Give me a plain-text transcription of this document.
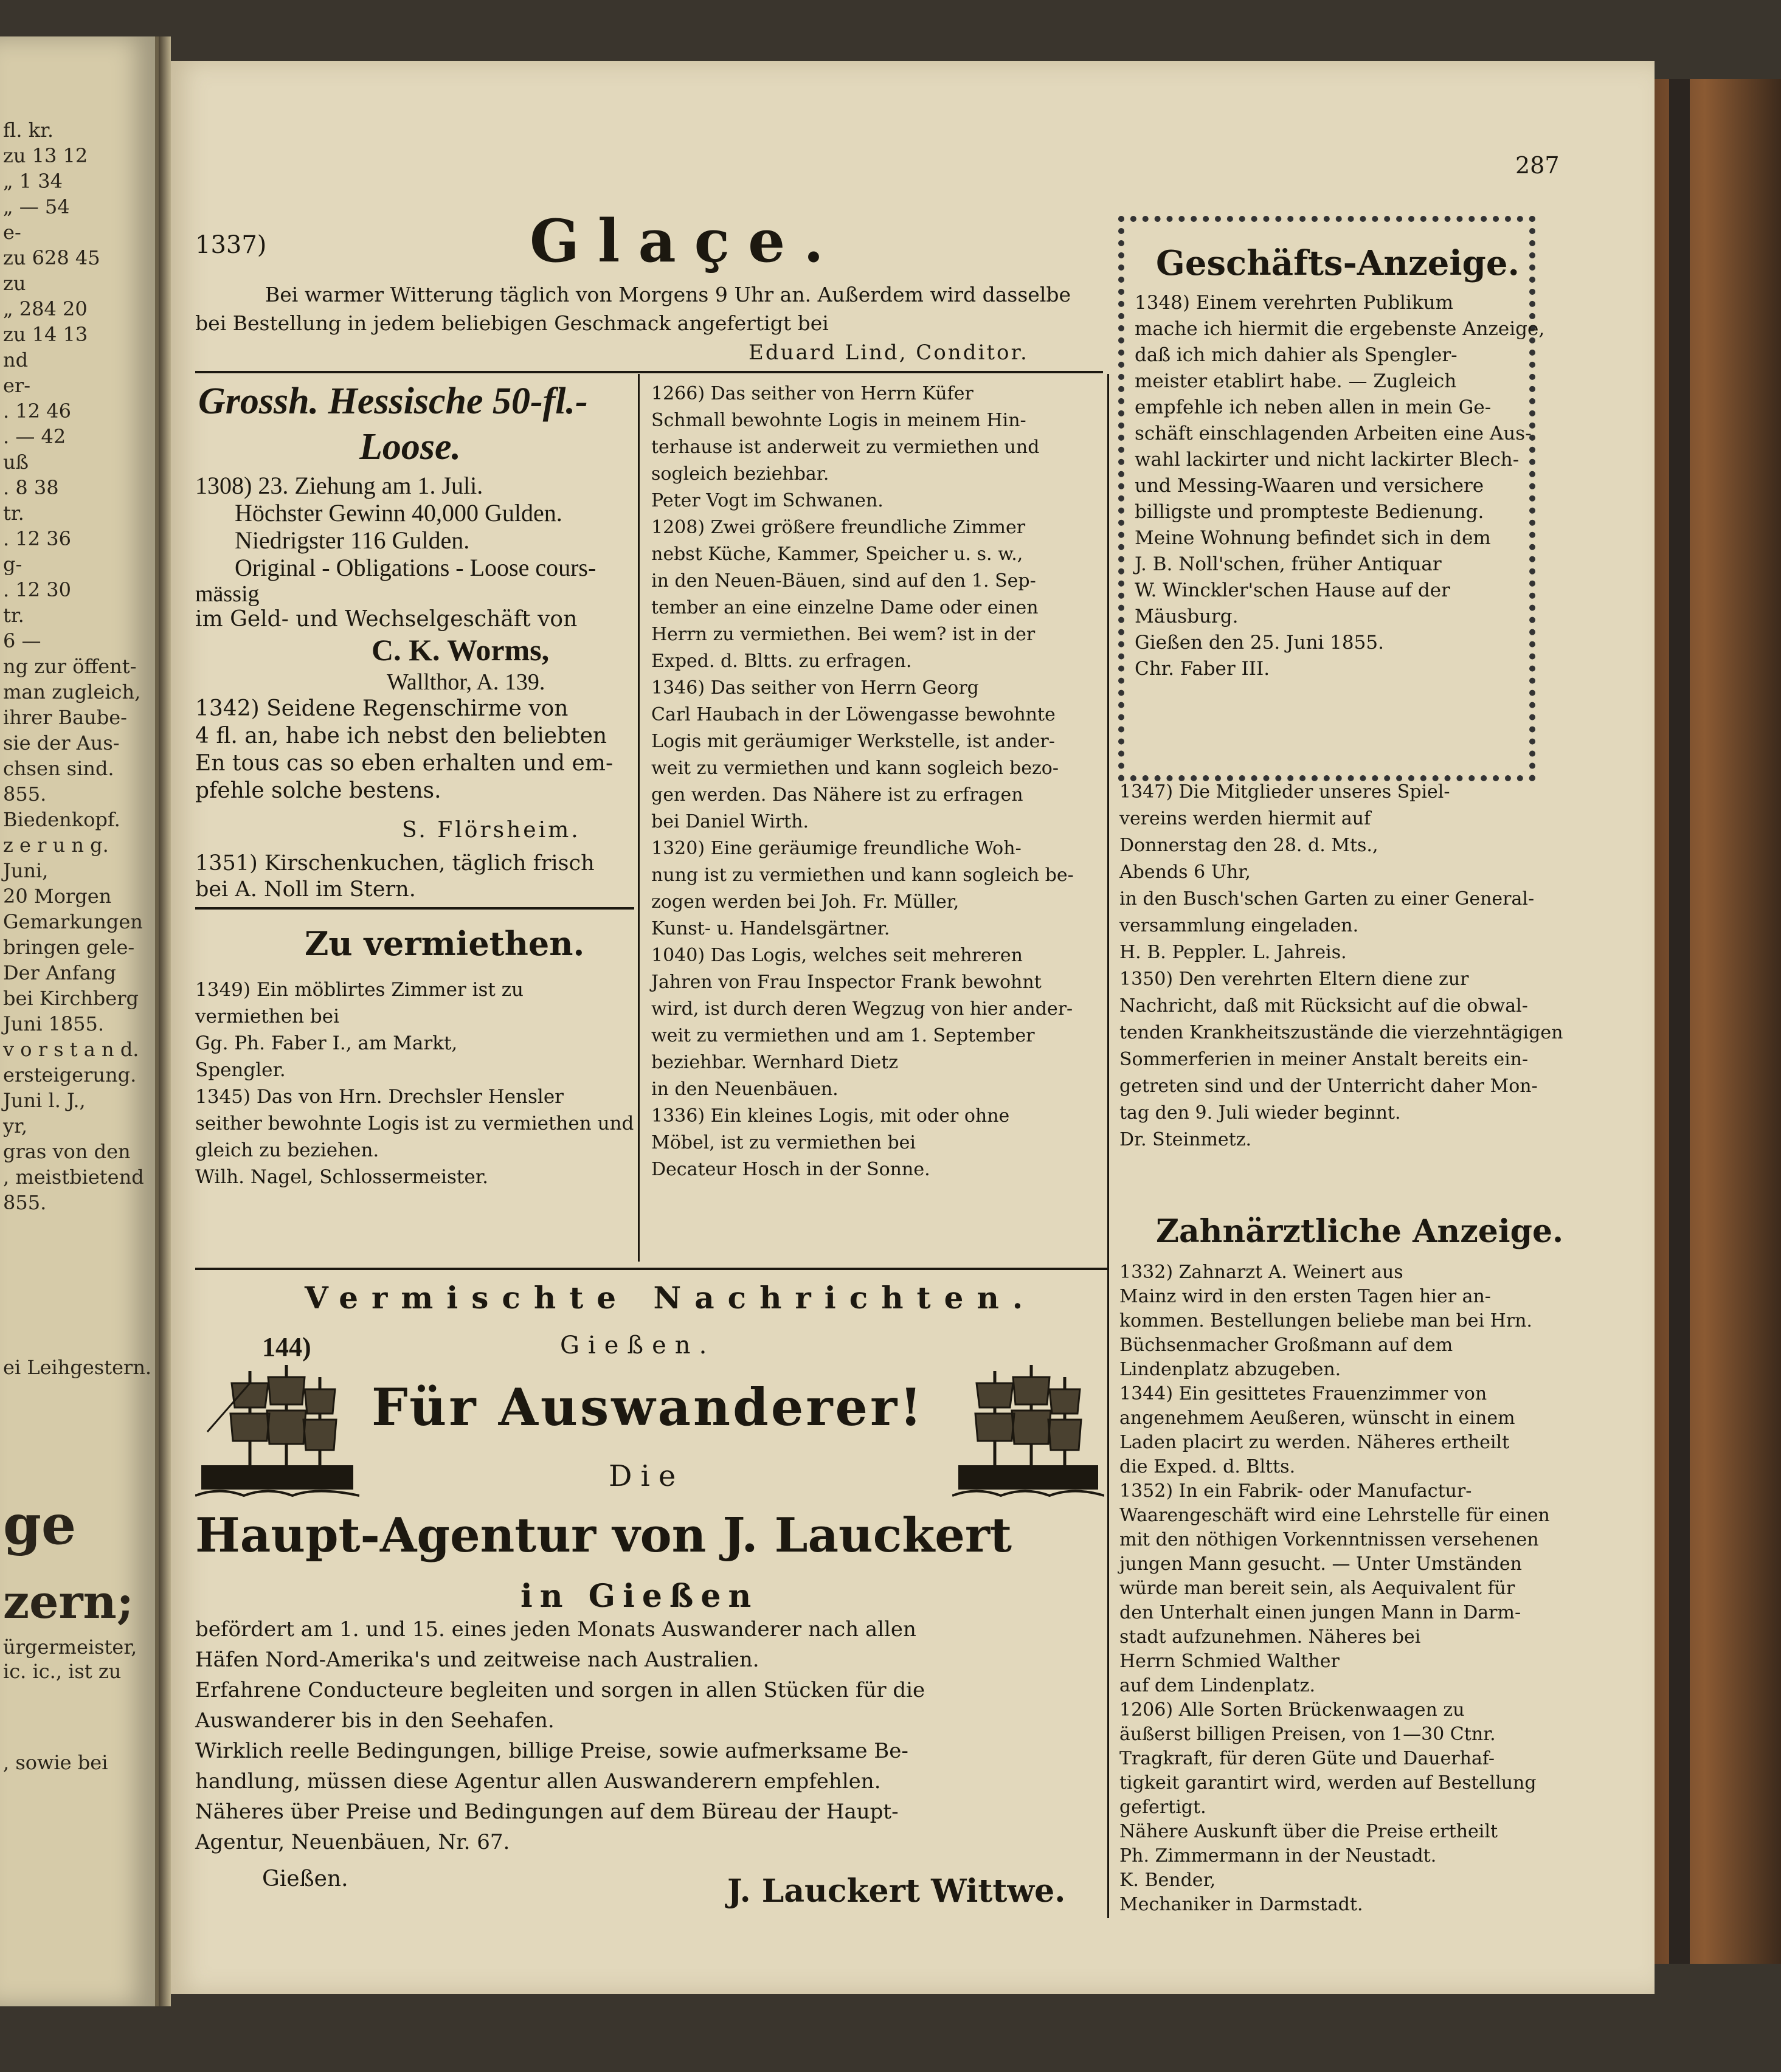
fl. kr.
zu 13 12
„ 1 34
„ — 54
e-
zu 628 45
zu
„ 284 20
zu 14 13
nd
er-
. 12 46
. — 42
uß
. 8 38
tr.
. 12 36
g-
. 12 30
tr.
6 —
ng zur öffent-
man zugleich,
ihrer Baube-
sie der Aus-
chsen sind.
855.
Biedenkopf.
z e r u n g.
Juni,
20 Morgen
Gemarkungen
bringen gele-
Der Anfang
bei Kirchberg
Juni 1855.
v o r s t a n d.
ersteigerung.
Juni l. J.,
yr,
gras von den
, meistbietend
855.
ei Leihgestern.
ge
zern;
ürgermeister,
ic. ic., ist zu
, sowie bei
287
1337)	Glaçe.
Bei warmer Witterung täglich von Morgens 9 Uhr an. Außerdem wird dasselbe
bei Bestellung in jedem beliebigen Geschmack angefertigt bei
Eduard Lind, Conditor.
Geschäfts-Anzeige.
1348) Einem verehrten Publikum
mache ich hiermit die ergebenste Anzeige,
daß ich mich dahier als Spengler-
meister etablirt habe. — Zugleich
empfehle ich neben allen in mein Ge-
schäft einschlagenden Arbeiten eine Aus-
wahl lackirter und nicht lackirter Blech-
und Messing-Waaren und versichere
billigste und prompteste Bedienung.
Meine Wohnung befindet sich in dem
J. B. Noll'schen, früher Antiquar
W. Winckler'schen Hause auf der
Mäusburg.
Gießen den 25. Juni 1855.
Chr. Faber III.
Grossh. Hessische 50-fl.-
Loose.
1308) 23. Ziehung am 1. Juli.
Höchster Gewinn 40,000 Gulden.
Niedrigster 116 Gulden.
Original - Obligations - Loose cours-
mässig
im Geld- und Wechselgeschäft von
C. K. Worms,
Wallthor, A. 139.
1342) Seidene Regenschirme von
4 fl. an, habe ich nebst den beliebten
En tous cas so eben erhalten und em-
pfehle solche bestens.
S. Flörsheim.
1351) Kirschenkuchen, täglich frisch
bei A. Noll im Stern.
Zu vermiethen.
1349) Ein möblirtes Zimmer ist zu
vermiethen bei
Gg. Ph. Faber I., am Markt,
Spengler.
1345) Das von Hrn. Drechsler Hensler
seither bewohnte Logis ist zu vermiethen und
gleich zu beziehen.
Wilh. Nagel, Schlossermeister.
1266) Das seither von Herrn Küfer
Schmall bewohnte Logis in meinem Hin-
terhause ist anderweit zu vermiethen und
sogleich beziehbar.
Peter Vogt im Schwanen.
1208) Zwei größere freundliche Zimmer
nebst Küche, Kammer, Speicher u. s. w.,
in den Neuen-Bäuen, sind auf den 1. Sep-
tember an eine einzelne Dame oder einen
Herrn zu vermiethen. Bei wem? ist in der
Exped. d. Bltts. zu erfragen.
1346) Das seither von Herrn Georg
Carl Haubach in der Löwengasse bewohnte
Logis mit geräumiger Werkstelle, ist ander-
weit zu vermiethen und kann sogleich bezo-
gen werden. Das Nähere ist zu erfragen
bei Daniel Wirth.
1320) Eine geräumige freundliche Woh-
nung ist zu vermiethen und kann sogleich be-
zogen werden bei Joh. Fr. Müller,
Kunst- u. Handelsgärtner.
1040) Das Logis, welches seit mehreren
Jahren von Frau Inspector Frank bewohnt
wird, ist durch deren Wegzug von hier ander-
weit zu vermiethen und am 1. September
beziehbar. Wernhard Dietz
in den Neuenbäuen.
1336) Ein kleines Logis, mit oder ohne
Möbel, ist zu vermiethen bei
Decateur Hosch in der Sonne.
1347) Die Mitglieder unseres Spiel-
vereins werden hiermit auf
Donnerstag den 28. d. Mts.,
Abends 6 Uhr,
in den Busch'schen Garten zu einer General-
versammlung eingeladen.
H. B. Peppler. L. Jahreis.
1350) Den verehrten Eltern diene zur
Nachricht, daß mit Rücksicht auf die obwal-
tenden Krankheitszustände die vierzehntägigen
Sommerferien in meiner Anstalt bereits ein-
getreten sind und der Unterricht daher Mon-
tag den 9. Juli wieder beginnt.
Dr. Steinmetz.
Zahnärztliche Anzeige.
1332) Zahnarzt A. Weinert aus
Mainz wird in den ersten Tagen hier an-
kommen. Bestellungen beliebe man bei Hrn.
Büchsenmacher Großmann auf dem
Lindenplatz abzugeben.
1344) Ein gesittetes Frauenzimmer von
angenehmem Aeußeren, wünscht in einem
Laden placirt zu werden. Näheres ertheilt
die Exped. d. Bltts.
1352) In ein Fabrik- oder Manufactur-
Waarengeschäft wird eine Lehrstelle für einen
mit den nöthigen Vorkenntnissen versehenen
jungen Mann gesucht. — Unter Umständen
würde man bereit sein, als Aequivalent für
den Unterhalt einen jungen Mann in Darm-
stadt aufzunehmen. Näheres bei
Herrn Schmied Walther
auf dem Lindenplatz.
1206) Alle Sorten Brückenwaagen zu
äußerst billigen Preisen, von 1—30 Ctnr.
Tragkraft, für deren Güte und Dauerhaf-
tigkeit garantirt wird, werden auf Bestellung
gefertigt.
Nähere Auskunft über die Preise ertheilt
Ph. Zimmermann in der Neustadt.
K. Bender,
Mechaniker in Darmstadt.
Vermischte Nachrichten.
144)	Gießen.
Für Auswanderer!
Die
Haupt-Agentur von J. Lauckert
in Gießen
befördert am 1. und 15. eines jeden Monats Auswanderer nach allen
Häfen Nord-Amerika's und zeitweise nach Australien.
Erfahrene Conducteure begleiten und sorgen in allen Stücken für die
Auswanderer bis in den Seehafen.
Wirklich reelle Bedingungen, billige Preise, sowie aufmerksame Be-
handlung, müssen diese Agentur allen Auswanderern empfehlen.
Näheres über Preise und Bedingungen auf dem Büreau der Haupt-
Agentur, Neuenbäuen, Nr. 67.
Gießen.	J. Lauckert Wittwe.
